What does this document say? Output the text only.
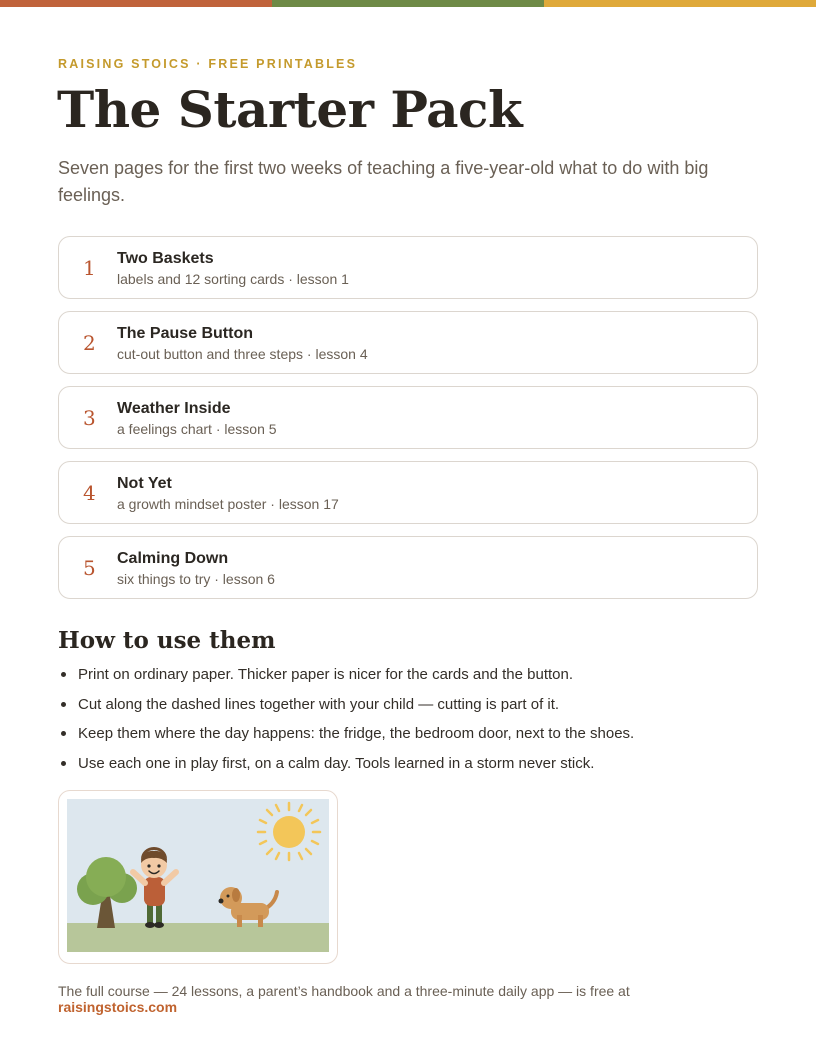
RAISING STOICS · FREE PRINTABLES
The Starter Pack

Seven pages for the first two weeks of teaching a five-year-old what to do with big feelings.

1 Two Baskets
labels and 12 sorting cards · lesson 1
2 The Pause Button
cut-out button and three steps · lesson 4
3 Weather Inside
a feelings chart · lesson 5
4 Not Yet
a growth mindset poster · lesson 17
5 Calming Down
six things to try · lesson 6
How to use them
Print on ordinary paper. Thicker paper is nicer for the cards and the button.
Cut along the dashed lines together with your child — cutting is part of it.
Keep them where the day happens: the fridge, the bedroom door, next to the shoes.
Use each one in play first, on a calm day. Tools learned in a storm never stick.
The full course — 24 lessons, a parent’s handbook and a three-minute daily app — is free at
raisingstoics.com
